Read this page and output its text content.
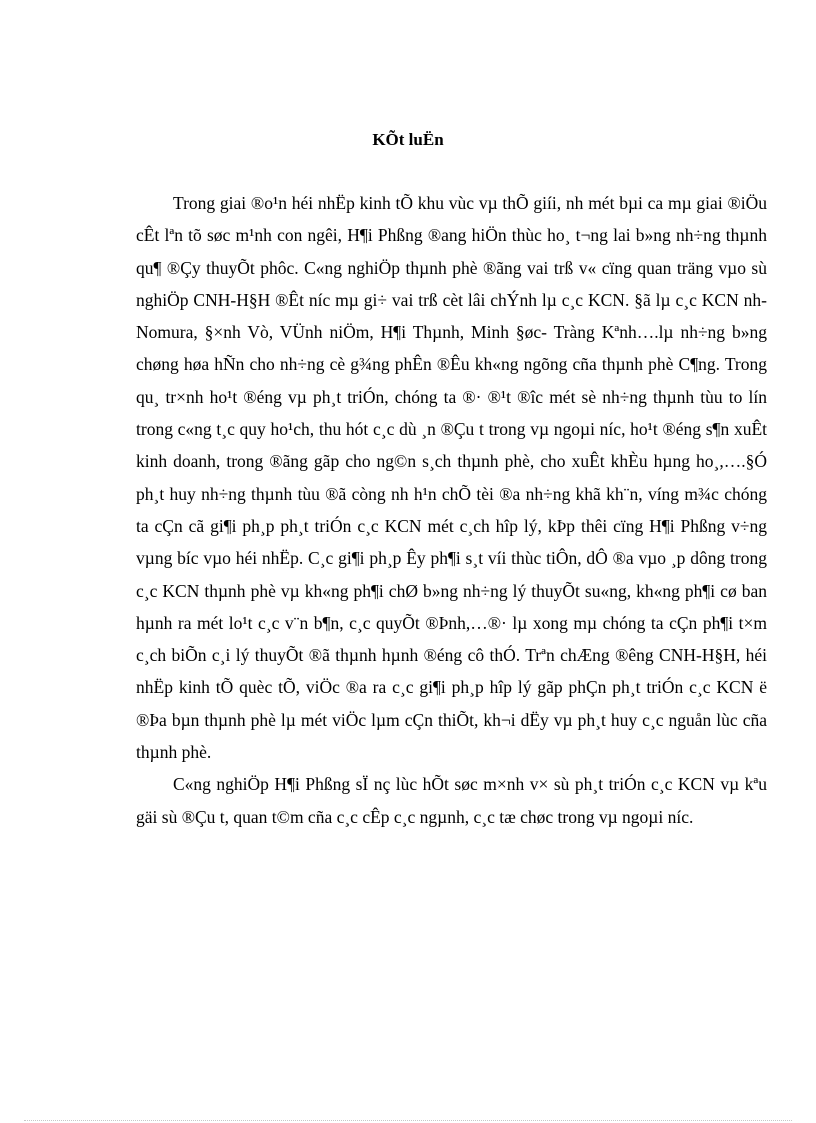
KÕt luËn

Trong giai ®o¹n héi nhËp kinh tÕ khu vùc vµ thÕ giíi, nh mét bµi ca mµ giai ®iÖu cÊt lªn tõ søc m¹nh con ngêi, H¶i Phßng ®ang hiÖn thùc ho¸ t¬ng lai b»ng nh÷ng thµnh qu¶ ®Çy thuyÕt phôc. C«ng nghiÖp thµnh phè ®ãng vai trß v« cïng quan träng vµo sù nghiÖp CNH-H§H ®Êt níc mµ gi÷ vai trß cèt lâi chÝnh lµ c¸c KCN. §ã lµ c¸c KCN nh Nomura, §×nh Vò, VÜnh niÖm, H¶i Thµnh, Minh §øc- Tràng Kªnh….lµ nh÷ng b»ng chøng høa hÑn cho nh÷ng cè g¾ng phÊn ®Êu kh«ng ngõng cña thµnh phè C¶ng. Trong qu¸ tr×nh ho¹t ®éng vµ ph¸t triÓn, chóng ta ®· ®¹t ®îc mét sè nh÷ng thµnh tùu to lín trong c«ng t¸c quy ho¹ch, thu hót c¸c dù ¸n ®Çu t trong vµ ngoµi níc, ho¹t ®éng s¶n xuÊt kinh doanh, trong ®ãng gãp cho ng©n s¸ch thµnh phè, cho xuÊt khÈu hµng ho¸,….§Ó ph¸t huy nh÷ng thµnh tùu ®ã còng nh h¹n chÕ tèi ®a nh÷ng khã kh¨n, víng m¾c chóng ta cÇn cã gi¶i ph¸p ph¸t triÓn c¸c KCN mét c¸ch hîp lý, kÞp thêi cïng H¶i Phßng v÷ng vµng bíc vµo héi nhËp. C¸c gi¶i ph¸p Êy ph¶i s¸t víi thùc tiÔn, dÔ ®a vµo ¸p dông trong c¸c KCN thµnh phè vµ kh«ng ph¶i chØ b»ng nh÷ng lý thuyÕt su«ng, kh«ng ph¶i cø ban hµnh ra mét lo¹t c¸c v¨n b¶n, c¸c quyÕt ®Þnh,…®· lµ xong mµ chóng ta cÇn ph¶i t×m c¸ch biÕn c¸i lý thuyÕt ®ã thµnh hµnh ®éng cô thÓ. Trªn chÆng ®êng CNH-H§H, héi nhËp kinh tÕ quèc tÕ, viÖc ®a ra c¸c gi¶i ph¸p hîp lý gãp phÇn ph¸t triÓn c¸c KCN ë ®Þa bµn thµnh phè lµ mét viÖc lµm cÇn thiÕt, kh¬i dËy vµ ph¸t huy c¸c nguån lùc cña thµnh phè.

C«ng nghiÖp H¶i Phßng sÏ nç lùc hÕt søc m×nh v× sù ph¸t triÓn c¸c KCN vµ kªu gäi sù ®Çu t, quan t©m cña c¸c cÊp c¸c ngµnh, c¸c tæ chøc trong vµ ngoµi níc.
